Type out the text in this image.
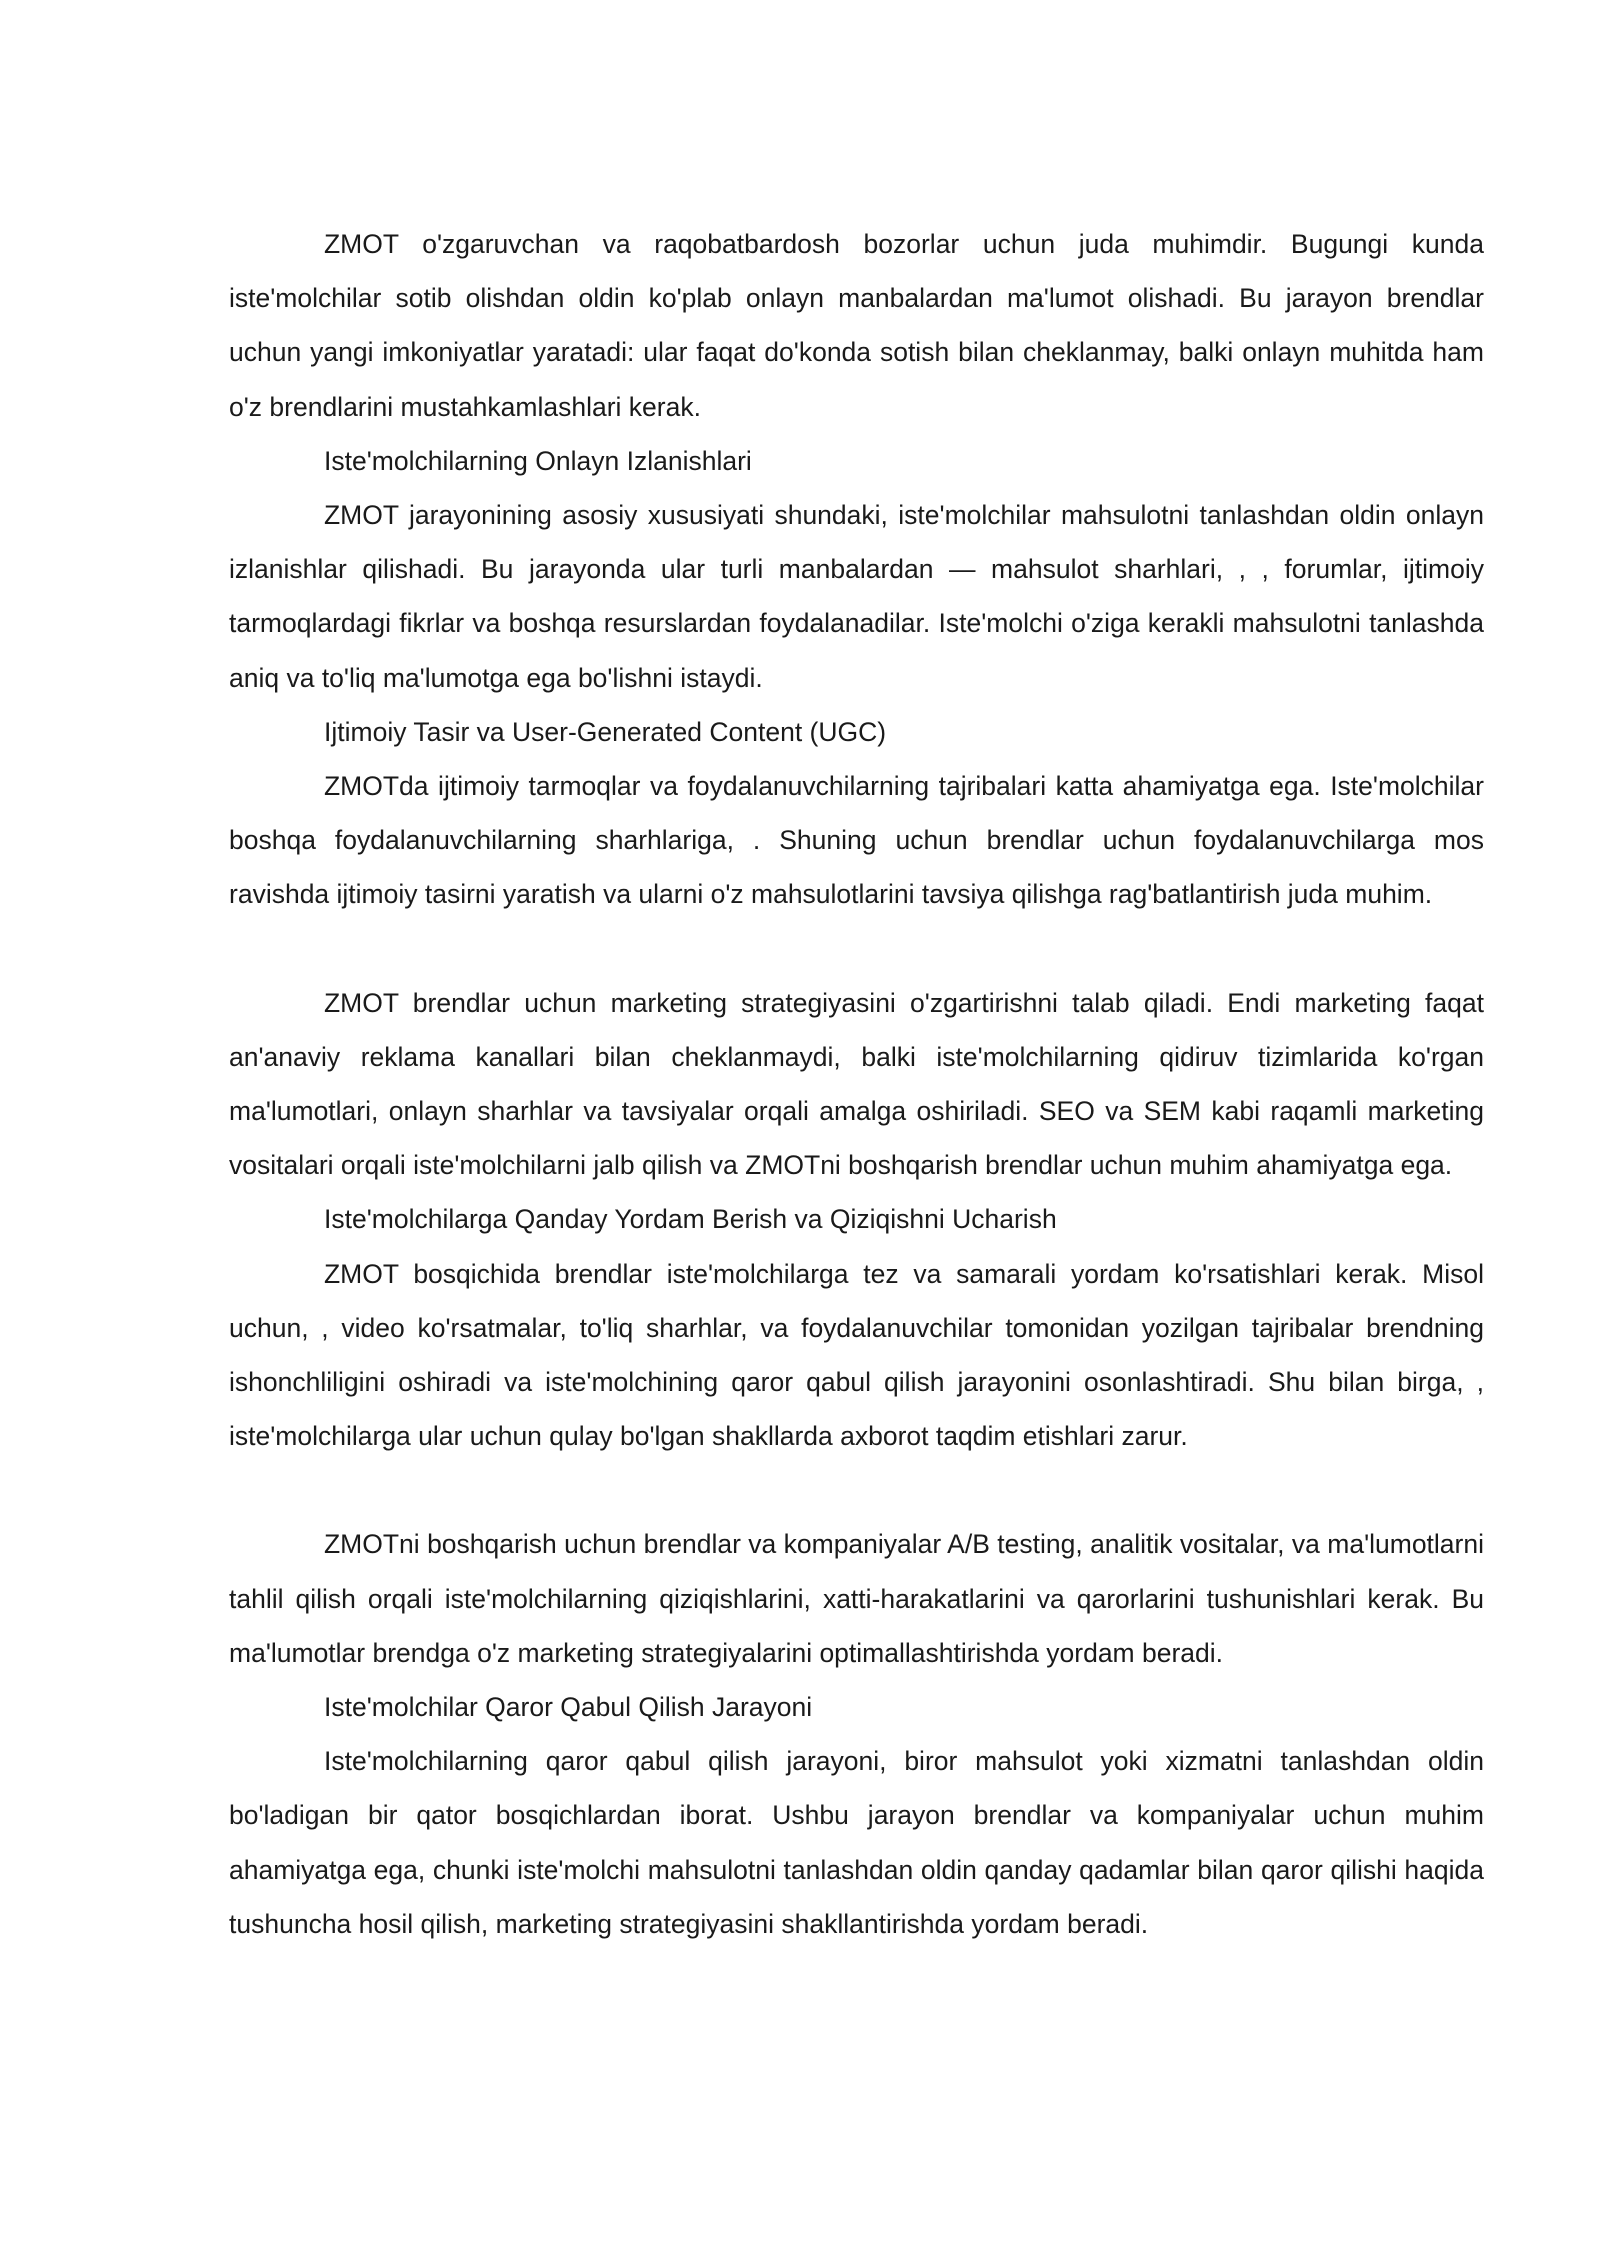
ZMOT o'zgaruvchan va raqobatbardosh bozorlar uchun juda muhimdir. Bugungi kunda iste'molchilar sotib olishdan oldin ko'plab onlayn manbalardan ma'lumot olishadi. Bu jarayon brendlar uchun yangi imkoniyatlar yaratadi: ular faqat do'konda sotish bilan cheklanmay, balki onlayn muhitda ham o'z brendlarini mustahkamlashlari kerak.

Iste'molchilarning Onlayn Izlanishlari

ZMOT jarayonining asosiy xususiyati shundaki, iste'molchilar mahsulotni tanlashdan oldin onlayn izlanishlar qilishadi. Bu jarayonda ular turli manbalardan — mahsulot sharhlari, , , forumlar, ijtimoiy tarmoqlardagi fikrlar va boshqa resurslardan foydalanadilar. Iste'molchi o'ziga kerakli mahsulotni tanlashda aniq va to'liq ma'lumotga ega bo'lishni istaydi.

Ijtimoiy Tasir va User-Generated Content (UGC)

ZMOTda ijtimoiy tarmoqlar va foydalanuvchilarning tajribalari katta ahamiyatga ega. Iste'molchilar boshqa foydalanuvchilarning sharhlariga, . Shuning uchun brendlar uchun foydalanuvchilarga mos ravishda ijtimoiy tasirni yaratish va ularni o'z mahsulotlarini tavsiya qilishga rag'batlantirish juda muhim.

ZMOT brendlar uchun marketing strategiyasini o'zgartirishni talab qiladi. Endi marketing faqat an'anaviy reklama kanallari bilan cheklanmaydi, balki iste'molchilarning qidiruv tizimlarida ko'rgan ma'lumotlari, onlayn sharhlar va tavsiyalar orqali amalga oshiriladi. SEO va SEM kabi raqamli marketing vositalari orqali iste'molchilarni jalb qilish va ZMOTni boshqarish brendlar uchun muhim ahamiyatga ega.

Iste'molchilarga Qanday Yordam Berish va Qiziqishni Ucharish

ZMOT bosqichida brendlar iste'molchilarga tez va samarali yordam ko'rsatishlari kerak. Misol uchun, , video ko'rsatmalar, to'liq sharhlar, va foydalanuvchilar tomonidan yozilgan tajribalar brendning ishonchliligini oshiradi va iste'molchining qaror qabul qilish jarayonini osonlashtiradi. Shu bilan birga, , iste'molchilarga ular uchun qulay bo'lgan shakllarda axborot taqdim etishlari zarur.

ZMOTni boshqarish uchun brendlar va kompaniyalar A/B testing, analitik vositalar, va ma'lumotlarni tahlil qilish orqali iste'molchilarning qiziqishlarini, xatti-harakatlarini va qarorlarini tushunishlari kerak. Bu ma'lumotlar brendga o'z marketing strategiyalarini optimallashtirishda yordam beradi.

Iste'molchilar Qaror Qabul Qilish Jarayoni

Iste'molchilarning qaror qabul qilish jarayoni, biror mahsulot yoki xizmatni tanlashdan oldin bo'ladigan bir qator bosqichlardan iborat. Ushbu jarayon brendlar va kompaniyalar uchun muhim ahamiyatga ega, chunki iste'molchi mahsulotni tanlashdan oldin qanday qadamlar bilan qaror qilishi haqida tushuncha hosil qilish, marketing strategiyasini shakllantirishda yordam beradi.
